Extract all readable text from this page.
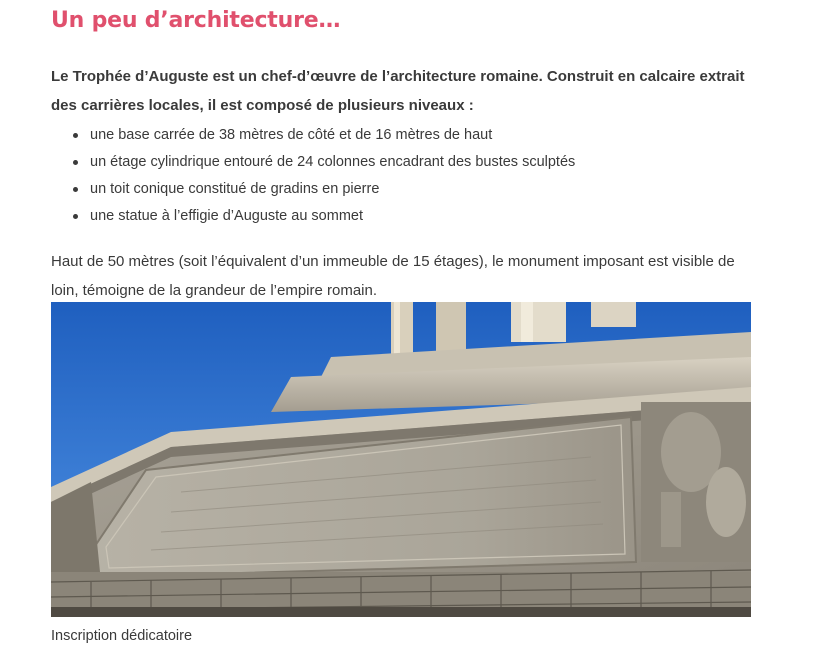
Un peu d’architecture…

Le Trophée d’Auguste est un chef-d’œuvre de l’architecture romaine. Construit en calcaire extrait des carrières locales, il est composé de plusieurs niveaux :

une base carrée de 38 mètres de côté et de 16 mètres de haut
un étage cylindrique entouré de 24 colonnes encadrant des bustes sculptés
un toit conique constitué de gradins en pierre
une statue à l’effigie d’Auguste au sommet

Haut de 50 mètres (soit l’équivalent d’un immeuble de 15 étages), le monument imposant est visible de loin, témoigne de la grandeur de l’empire romain.

Inscription dédicatoire
